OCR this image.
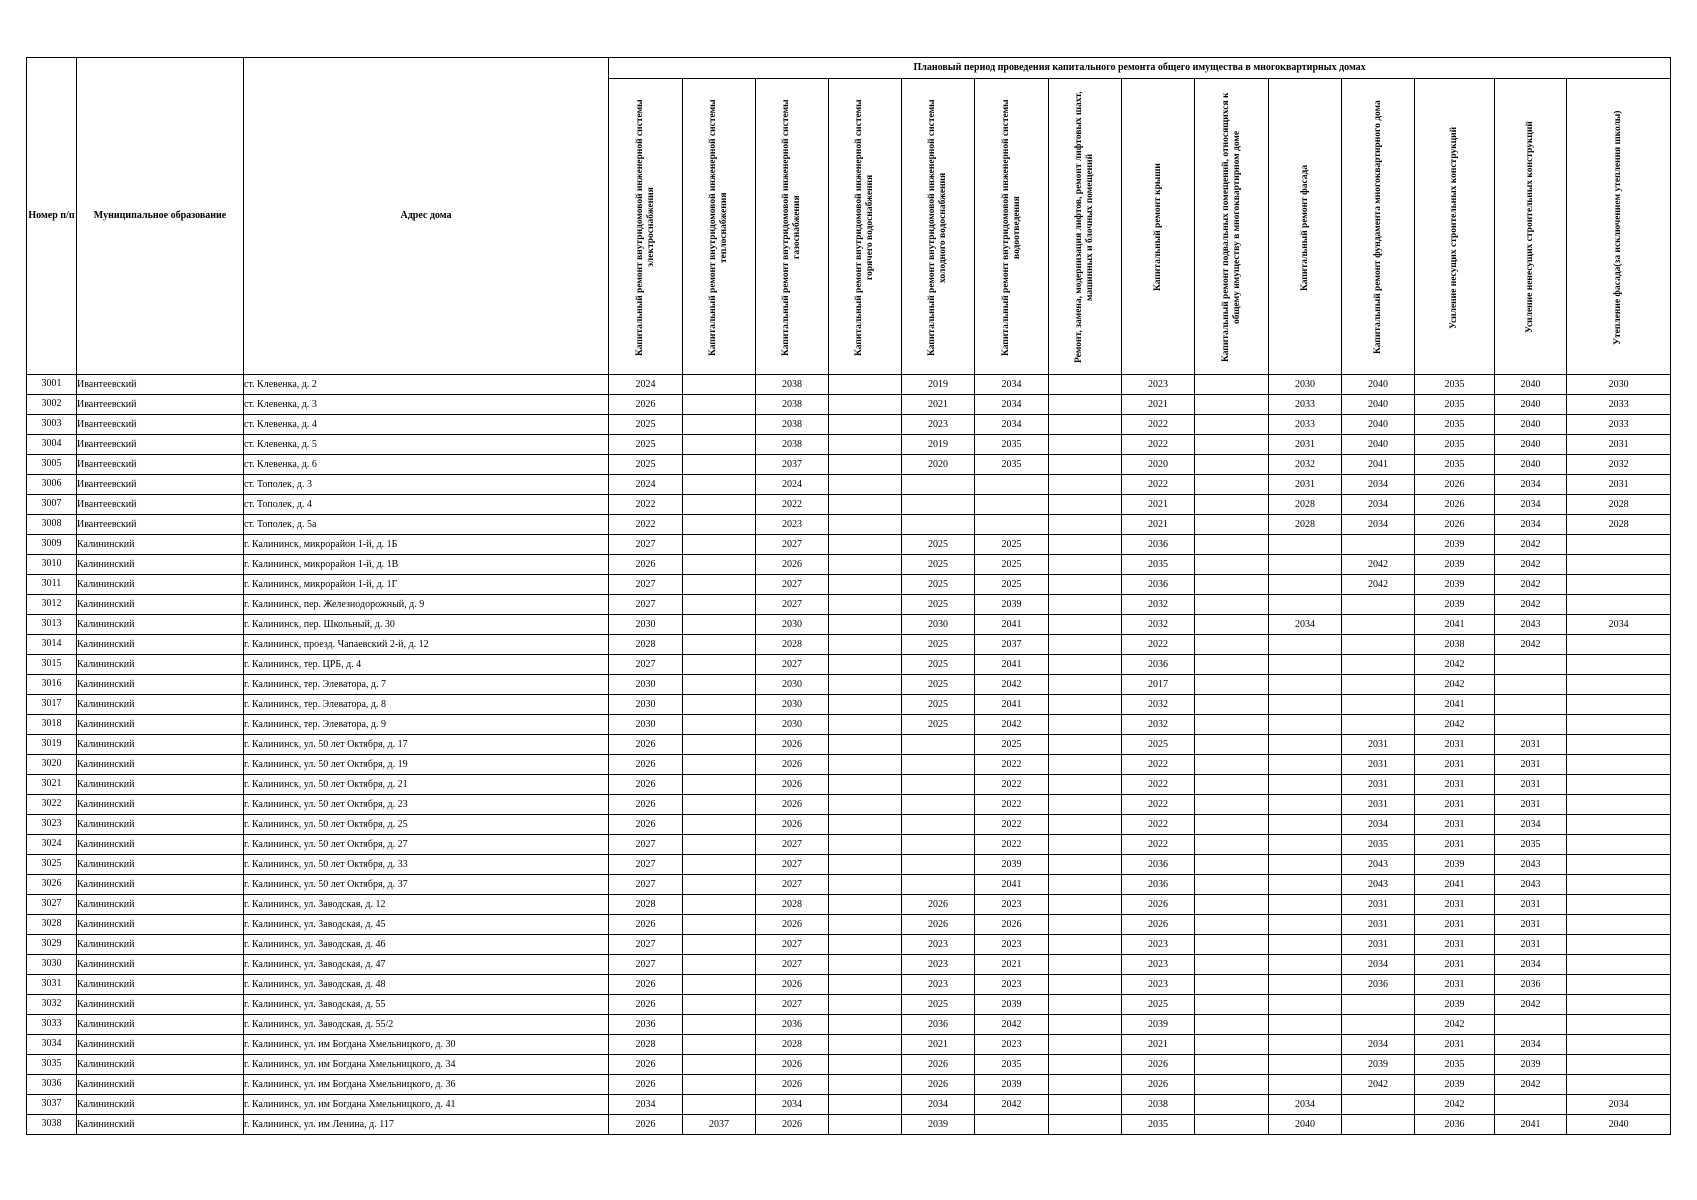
Номер п/п	Муниципальное образование	Адрес дома	Плановый период проведения капитального ремонта общего имущества в многоквартирных домах													

			Капитальный ремонт внутридомовой инженерной системы электроснабжения	Капитальный ремонт внутридомовой инженерной системы теплоснабжения	Капитальный ремонт внутридомовой инженерной системы газоснабжения	Капитальный ремонт внутридомовой инженерной системы горячего водоснабжения	Капитальный ремонт внутридомовой инженерной системы холодного водоснабжения	Капитальный ремонт внутридомовой инженерной системы водоотведения	Ремонт, замена, модернизация лифтов, ремонт лифтовых шахт, машинных и блочных помещений	Капитальный ремонт крыши	Капитальный ремонт подвальных помещений, относящихся к общему имуществу в многоквартирном доме	Капитальный ремонт фасада	Капитальный ремонт фундамента многоквартирного дома	Усиление несущих строительных конструкций	Усиление ненесущих строительных конструкций	Утепление фасада(за исключением утепления школы)

3001	Ивантеевский	ст. Клевенка, д. 2	2024		2038		2019	2034		2023		2030	2040	2035	2040	2030
3002	Ивантеевский	ст. Клевенка, д. 3	2026		2038		2021	2034		2021		2033	2040	2035	2040	2033
3003	Ивантеевский	ст. Клевенка, д. 4	2025		2038		2023	2034		2022		2033	2040	2035	2040	2033
3004	Ивантеевский	ст. Клевенка, д. 5	2025		2038		2019	2035		2022		2031	2040	2035	2040	2031
3005	Ивантеевский	ст. Клевенка, д. 6	2025		2037		2020	2035		2020		2032	2041	2035	2040	2032
3006	Ивантеевский	ст. Тополек, д. 3	2024		2024					2022		2031	2034	2026	2034	2031
3007	Ивантеевский	ст. Тополек, д. 4	2022		2022					2021		2028	2034	2026	2034	2028
3008	Ивантеевский	ст. Тополек, д. 5а	2022		2023					2021		2028	2034	2026	2034	2028
3009	Калининский	г. Калининск, микрорайон 1-й, д. 1Б	2027		2027		2025	2025		2036				2039	2042	
3010	Калининский	г. Калининск, микрорайон 1-й, д. 1В	2026		2026		2025	2025		2035			2042	2039	2042	
3011	Калининский	г. Калининск, микрорайон 1-й, д. 1Г	2027		2027		2025	2025		2036			2042	2039	2042	
3012	Калининский	г. Калининск, пер. Железнодорожный, д. 9	2027		2027		2025	2039		2032				2039	2042	
3013	Калининский	г. Калининск, пер. Школьный, д. 30	2030		2030		2030	2041		2032		2034		2041	2043	2034
3014	Калининский	г. Калининск, проезд. Чапаевский 2-й, д. 12	2028		2028		2025	2037		2022				2038	2042	
3015	Калининский	г. Калининск, тер. ЦРБ, д. 4	2027		2027		2025	2041		2036				2042		
3016	Калининский	г. Калининск, тер. Элеватора, д. 7	2030		2030		2025	2042		2017				2042		
3017	Калининский	г. Калининск, тер. Элеватора, д. 8	2030		2030		2025	2041		2032				2041		
3018	Калининский	г. Калининск, тер. Элеватора, д. 9	2030		2030		2025	2042		2032				2042		
3019	Калининский	г. Калининск, ул. 50 лет Октября, д. 17	2026		2026			2025		2025			2031	2031	2031	
3020	Калининский	г. Калининск, ул. 50 лет Октября, д. 19	2026		2026			2022		2022			2031	2031	2031	
3021	Калининский	г. Калининск, ул. 50 лет Октября, д. 21	2026		2026			2022		2022			2031	2031	2031	
3022	Калининский	г. Калининск, ул. 50 лет Октября, д. 23	2026		2026			2022		2022			2031	2031	2031	
3023	Калининский	г. Калининск, ул. 50 лет Октября, д. 25	2026		2026			2022		2022			2034	2031	2034	
3024	Калининский	г. Калининск, ул. 50 лет Октября, д. 27	2027		2027			2022		2022			2035	2031	2035	
3025	Калининский	г. Калининск, ул. 50 лет Октября, д. 33	2027		2027			2039		2036			2043	2039	2043	
3026	Калининский	г. Калининск, ул. 50 лет Октября, д. 37	2027		2027			2041		2036			2043	2041	2043	
3027	Калининский	г. Калининск, ул. Заводская, д. 12	2028		2028		2026	2023		2026			2031	2031	2031	
3028	Калининский	г. Калининск, ул. Заводская, д. 45	2026		2026		2026	2026		2026			2031	2031	2031	
3029	Калининский	г. Калининск, ул. Заводская, д. 46	2027		2027		2023	2023		2023			2031	2031	2031	
3030	Калининский	г. Калининск, ул. Заводская, д. 47	2027		2027		2023	2021		2023			2034	2031	2034	
3031	Калининский	г. Калининск, ул. Заводская, д. 48	2026		2026		2023	2023		2023			2036	2031	2036	
3032	Калининский	г. Калининск, ул. Заводская, д. 55	2026		2027		2025	2039		2025				2039	2042	
3033	Калининский	г. Калининск, ул. Заводская, д. 55/2	2036		2036		2036	2042		2039				2042		
3034	Калининский	г. Калининск, ул. им Богдана Хмельницкого, д. 30	2028		2028		2021	2023		2021			2034	2031	2034	
3035	Калининский	г. Калининск, ул. им Богдана Хмельницкого, д. 34	2026		2026		2026	2035		2026			2039	2035	2039	
3036	Калининский	г. Калининск, ул. им Богдана Хмельницкого, д. 36	2026		2026		2026	2039		2026			2042	2039	2042	
3037	Калининский	г. Калининск, ул. им Богдана Хмельницкого, д. 41	2034		2034		2034	2042		2038		2034		2042		2034
3038	Калининский	г. Калининск, ул. им Ленина, д. 117	2026	2037	2026		2039			2035		2040		2036	2041	2040
